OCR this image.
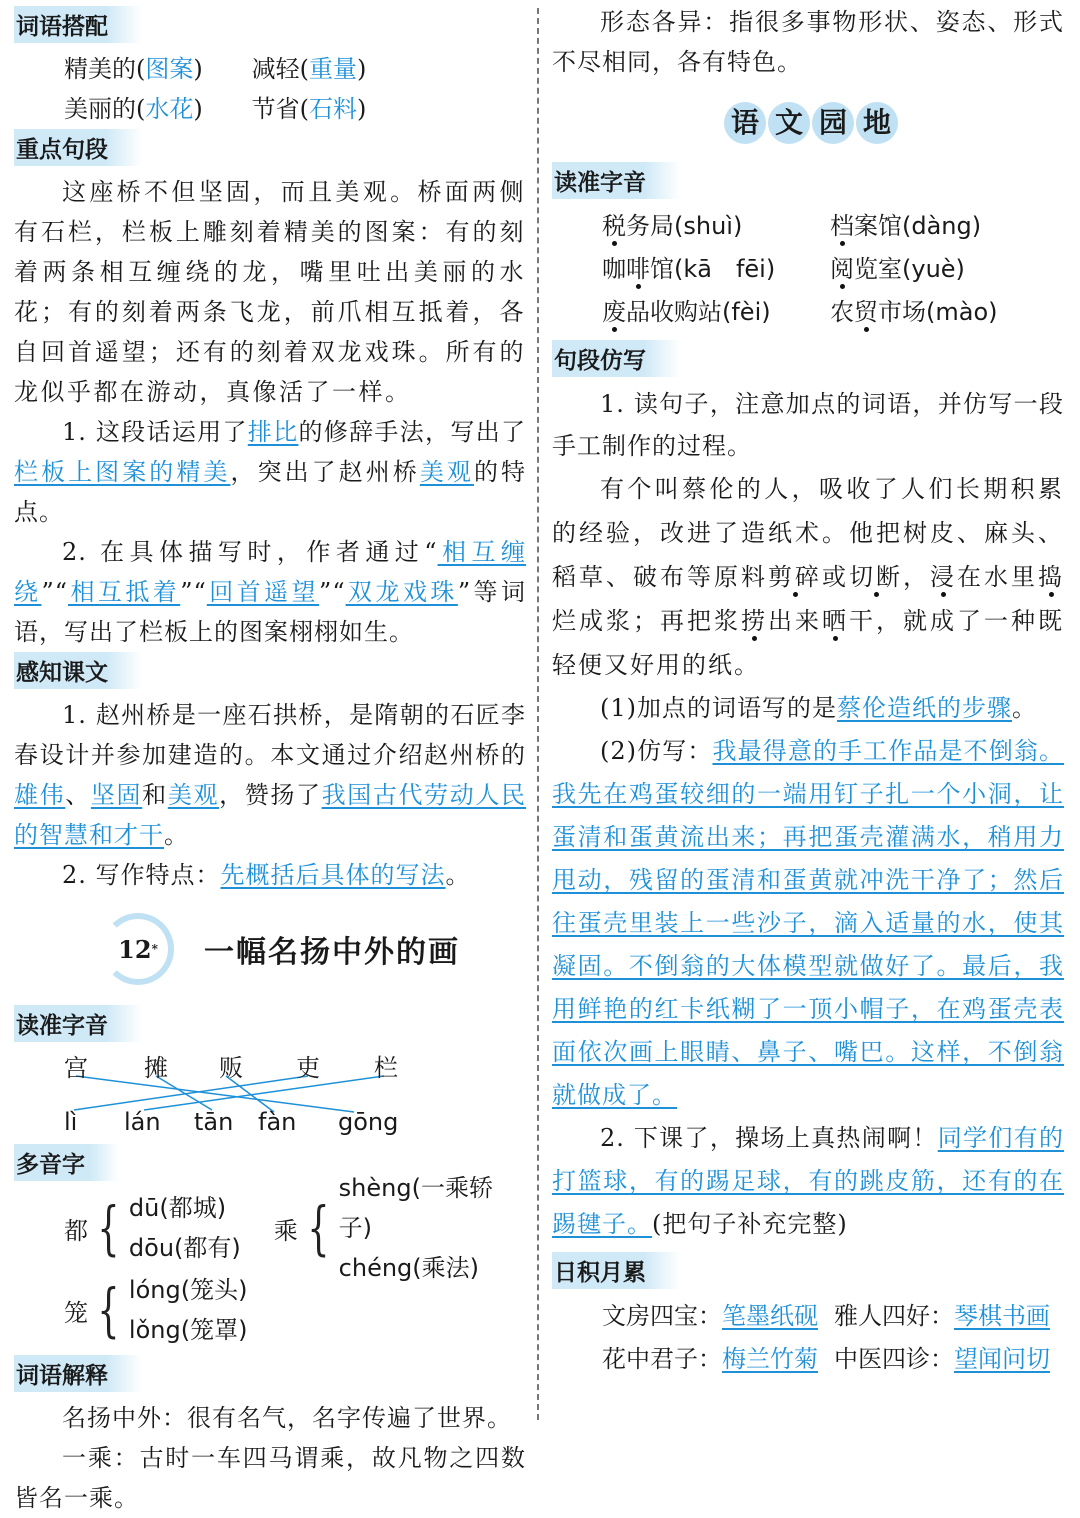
词语搭配
精美的(图案) 减轻(重量)
美丽的(水花) 节省(石料)
重点句段
这座桥不但坚固，而且美观。桥面两侧有石栏，栏板上雕刻着精美的图案：有的刻着两条相互缠绕的龙，嘴里吐出美丽的水花；有的刻着两条飞龙，前爪相互抵着，各自回首遥望；还有的刻着双龙戏珠。所有的龙似乎都在游动，真像活了一样。
1. 这段话运用了排比的修辞手法，写出了栏板上图案的精美，突出了赵州桥美观的特点。
2. 在具体描写时，作者通过“相互缠绕”“相互抵着”“回首遥望”“双龙戏珠”等词语，写出了栏板上的图案栩栩如生。
感知课文
1. 赵州桥是一座石拱桥，是隋朝的石匠李春设计并参加建造的。本文通过介绍赵州桥的雄伟、坚固和美观，赞扬了我国古代劳动人民的智慧和才干。
2. 写作特点：先概括后具体的写法。
12 * 一幅名扬中外的画
读准字音
宫 摊 贩 吏 栏
lì lán tān fàn gōng
多音字
都 { dū(都城)
dōu(都有)
乘 {
shèng(一乘轿子)
chéng(乘法)
笼 { lóng(笼头)
lǒng(笼罩)
词语解释
名扬中外：很有名气，名字传遍了世界。
一乘：古时一车四马谓乘，故凡物之四数皆名一乘。
形态各异：指很多事物形状、姿态、形式不尽相同，各有特色。
语 文 园 地
读准字音
税务局(shuì)	档案馆(dàng)
咖啡馆(kā　fēi) 阅览室(yuè)
废品收购站(fèi) 农贸市场(mào)
句段仿写
1. 读句子，注意加点的词语，并仿写一段手工制作的过程。
有个叫蔡伦的人，吸收了人们长期积累的经验，改进了造纸术。他把树皮、麻头、稻草、破布等原料剪碎或切断，浸在水里捣烂成浆；再把浆捞出来晒干，就成了一种既轻便又好用的纸。
(1)加点的词语写的是蔡伦造纸的步骤。
(2)仿写：我最得意的手工作品是不倒翁。我先在鸡蛋较细的一端用钉子扎一个小洞，让蛋清和蛋黄流出来；再把蛋壳灌满水，稍用力甩动，残留的蛋清和蛋黄就冲洗干净了；然后往蛋壳里装上一些沙子，滴入适量的水，使其凝固。不倒翁的大体模型就做好了。最后，我用鲜艳的红卡纸糊了一顶小帽子，在鸡蛋壳表面依次画上眼睛、鼻子、嘴巴。这样，不倒翁就做成了。
2. 下课了，操场上真热闹啊！同学们有的打篮球，有的踢足球，有的跳皮筋，还有的在踢毽子。(把句子补充完整)
日积月累
文房四宝：笔墨纸砚 雅人四好：琴棋书画
花中君子：梅兰竹菊 中医四诊：望闻问切
